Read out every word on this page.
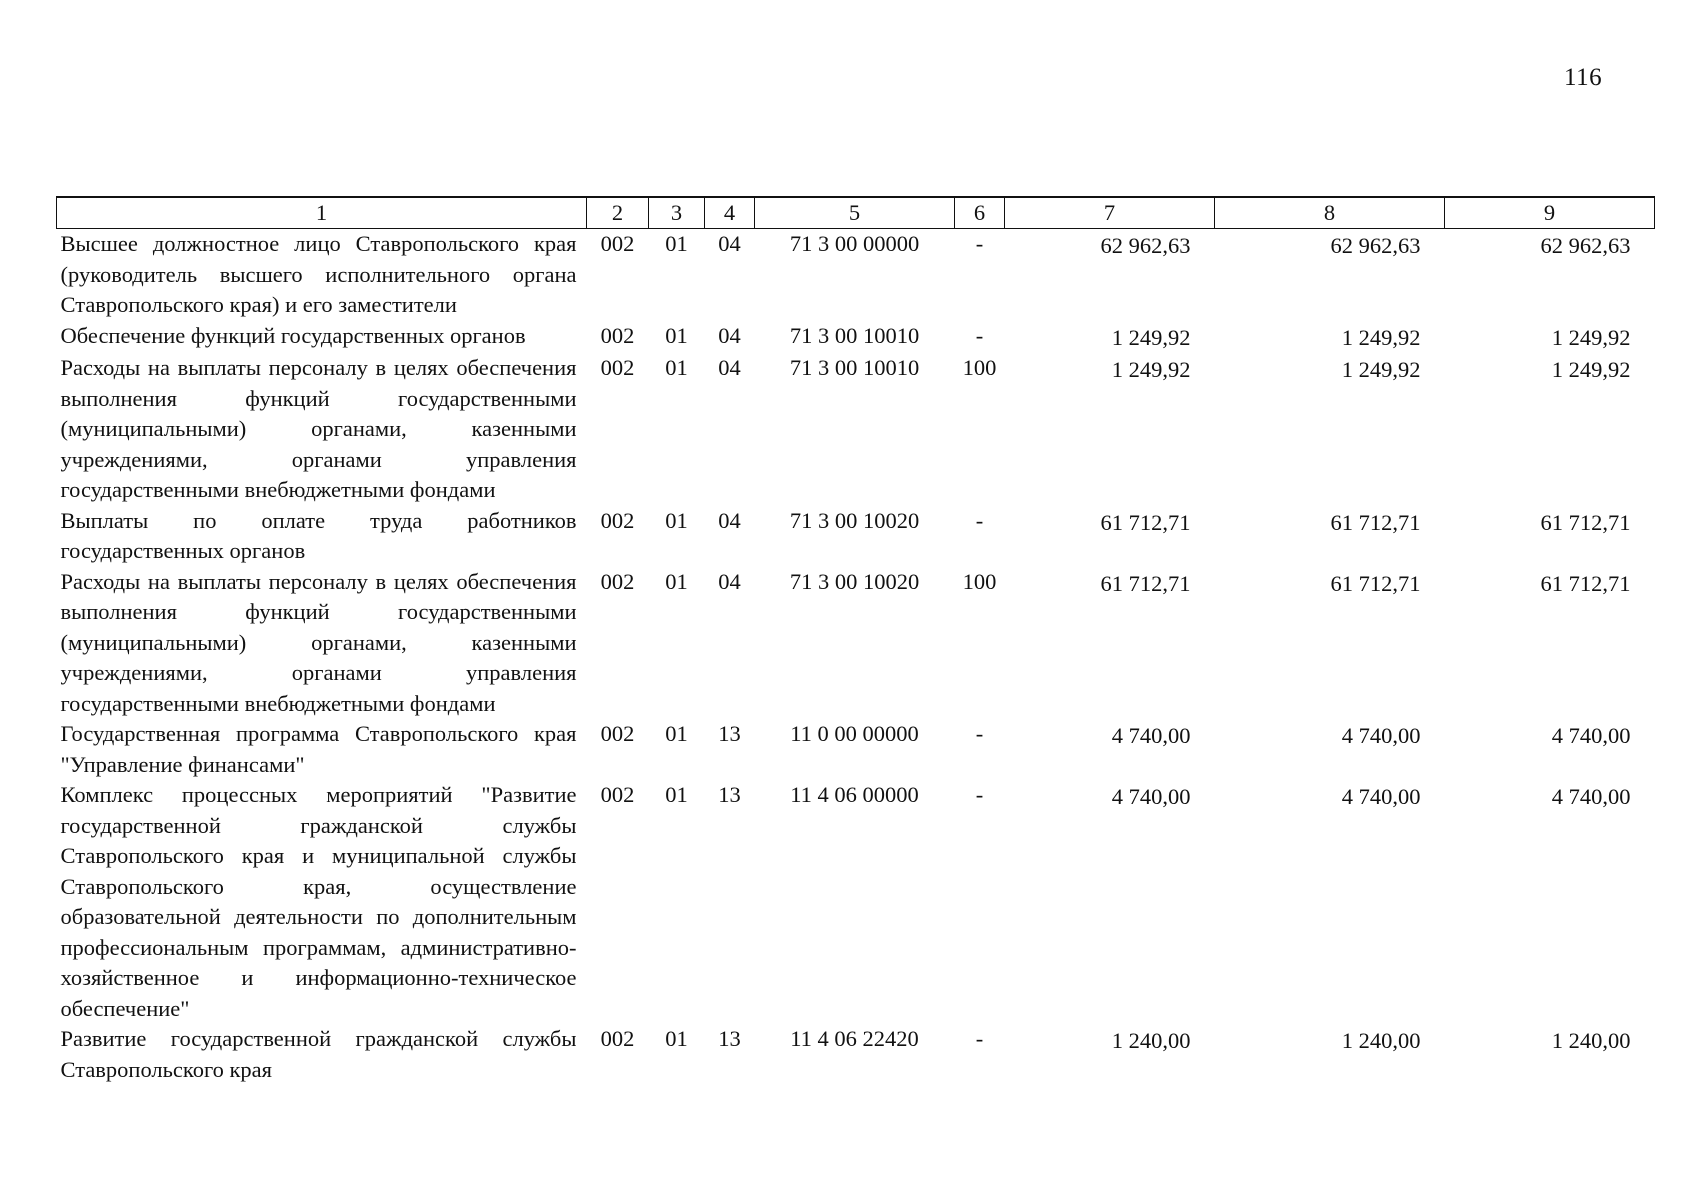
116
1	2	3	4	5	6	7	8	9
Высшее должностное лицо Ставропольского края (руководитель высшего исполнительного органа Ставропольского края) и его заместители	002	01	04	71 3 00 00000	-	62 962,63	62 962,63	62 962,63
Обеспечение функций государственных органов	002	01	04	71 3 00 10010	-	1 249,92	1 249,92	1 249,92
Расходы на выплаты персоналу в целях обеспечения выполнения функций государственными (муниципальными) органами, казенными учреждениями, органами управления государственными внебюджетными фондами	002	01	04	71 3 00 10010	100	1 249,92	1 249,92	1 249,92
Выплаты по оплате труда работников государственных органов	002	01	04	71 3 00 10020	-	61 712,71	61 712,71	61 712,71
Расходы на выплаты персоналу в целях обеспечения выполнения функций государственными (муниципальными) органами, казенными учреждениями, органами управления государственными внебюджетными фондами	002	01	04	71 3 00 10020	100	61 712,71	61 712,71	61 712,71
Государственная программа Ставропольского края "Управление финансами"	002	01	13	11 0 00 00000	-	4 740,00	4 740,00	4 740,00
Комплекс процессных мероприятий "Развитие государственной гражданской службы Ставропольского края и муниципальной службы Ставропольского края, осуществление образовательной деятельности по дополнительным профессиональным программам, административно-хозяйственное и информационно-техническое обеспечение"	002	01	13	11 4 06 00000	-	4 740,00	4 740,00	4 740,00
Развитие государственной гражданской службы Ставропольского края	002	01	13	11 4 06 22420	-	1 240,00	1 240,00	1 240,00
